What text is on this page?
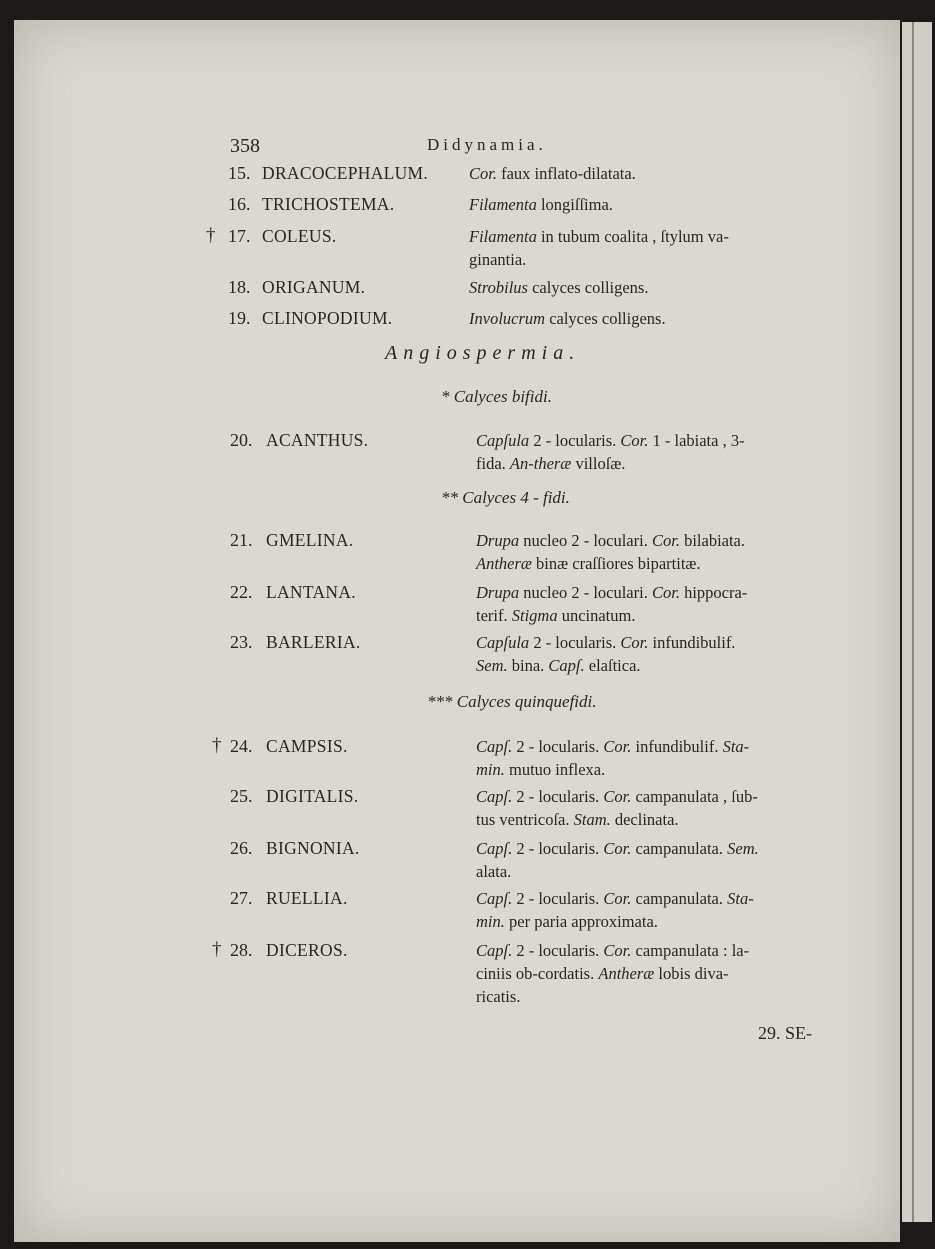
358	Didynamia.
15. DRACOCEPHALUM. Cor. faux inflato-dilatata.
16. TRICHOSTEMA.	Filamenta longiſſima.
† 17. COLEUS.	Filamenta in tubum coalita , ſtylum va-
ginantia.
18. ORIGANUM.	Strobilus calyces colligens.
19. CLINOPODIUM.	Involucrum calyces colligens.
20. ACANTHUS.	Capſula 2 - locularis. Cor. 1 - labiata , 3-
fida. An-theræ villoſæ.
21. GMELINA.	Drupa nucleo 2 - loculari. Cor. bilabiata.
Antheræ binæ craſſiores bipartitæ.
22. LANTANA.	Drupa nucleo 2 - loculari. Cor. hippocra-
terif. Stigma uncinatum.
23. BARLERIA.	Capſula 2 - locularis. Cor. infundibulif.
Sem. bina. Capſ. elaſtica.
† 24. CAMPSIS.	Capſ. 2 - locularis. Cor. infundibulif. Sta-
min. mutuo inflexa.
25. DIGITALIS.	Capſ. 2 - locularis. Cor. campanulata , ſub-
tus ventricoſa. Stam. declinata.
26. BIGNONIA.	Capſ. 2 - locularis. Cor. campanulata. Sem.
alata.
27. RUELLIA.	Capſ. 2 - locularis. Cor. campanulata. Sta-
min. per paria approximata.
† 28. DICEROS.	Capſ. 2 - locularis. Cor. campanulata : la-
ciniis ob-cordatis. Antheræ lobis diva-
ricatis.
Angiospermia.
* Calyces bifidi.
** Calyces 4 - fidi.
*** Calyces quinquefidi.
29. SE-
